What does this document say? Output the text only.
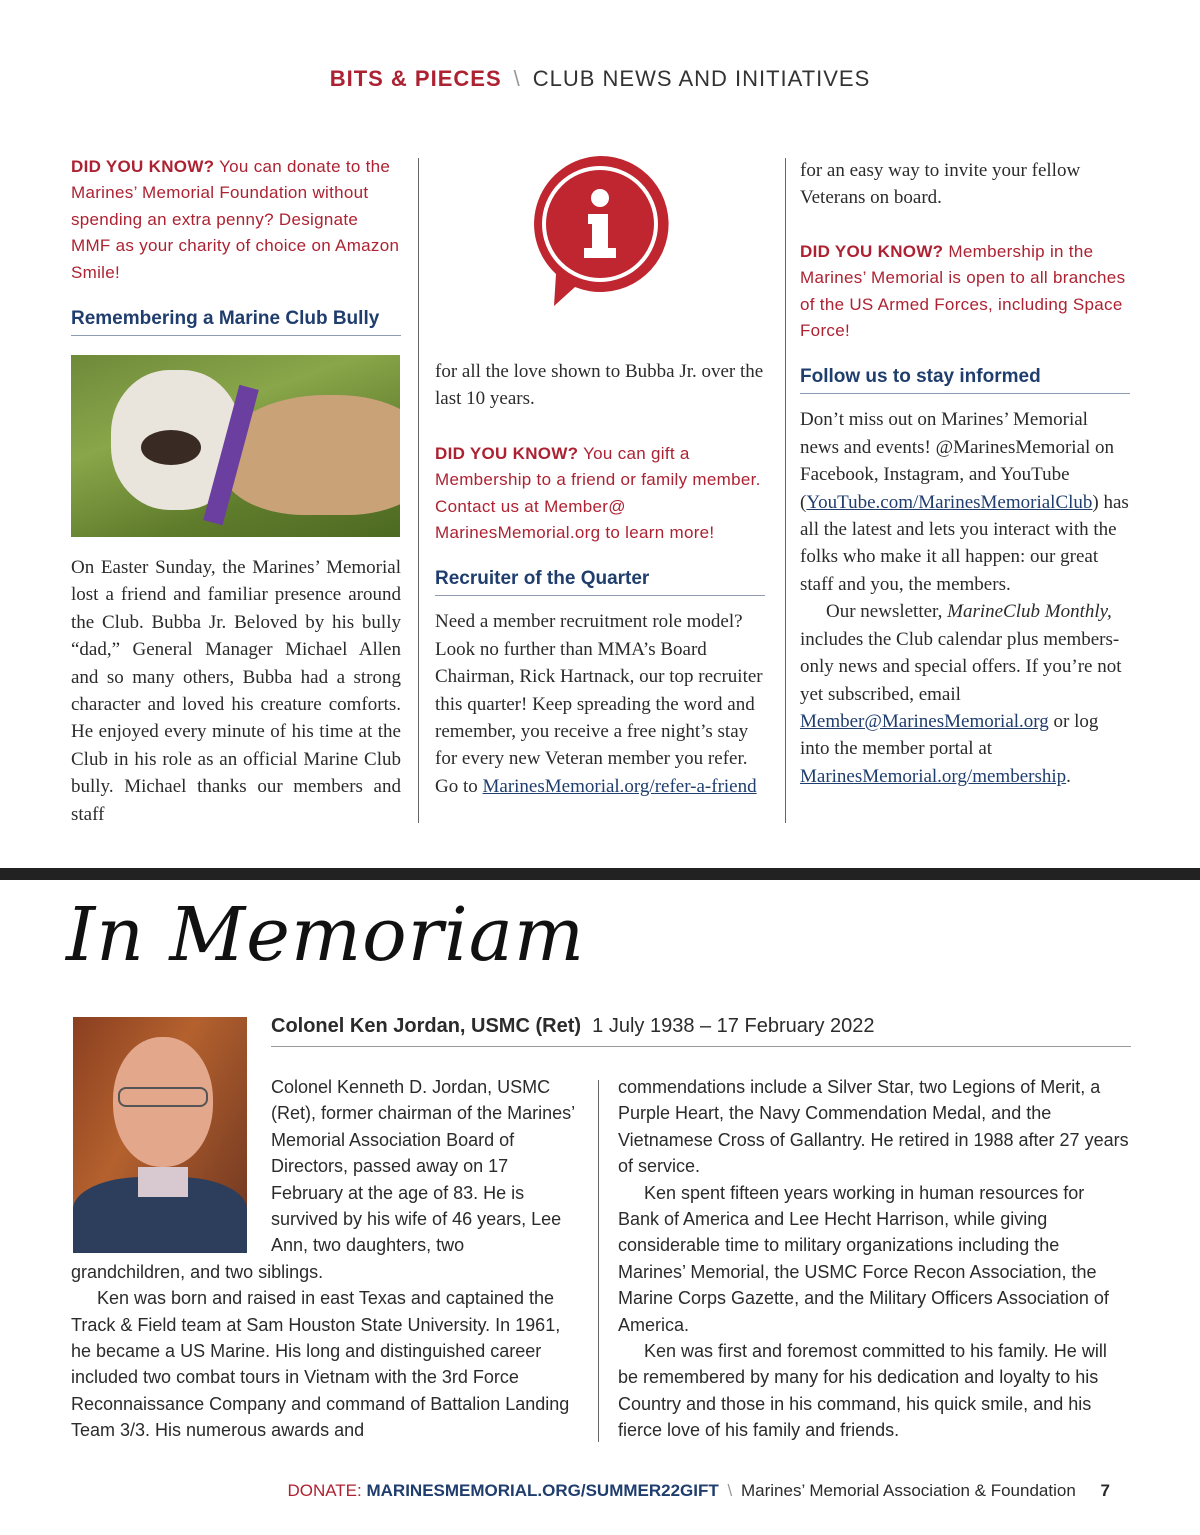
BITS & PIECES \ CLUB NEWS AND INITIATIVES

DID YOU KNOW? You can donate to the Marines’ Memorial Foundation without spending an extra penny? Designate MMF as your charity of choice on Amazon Smile!

Remembering a Marine Club Bully

On Easter Sunday, the Marines’ Memorial lost a friend and familiar presence around the Club. Bubba Jr. Beloved by his bully “dad,” General Manager Michael Allen and so many others, Bubba had a strong character and loved his creature comforts. He enjoyed every minute of his time at the Club in his role as an official Marine Club bully. Michael thanks our members and staff

for all the love shown to Bubba Jr. over the last 10 years.

DID YOU KNOW? You can gift a Membership to a friend or family member. Contact us at Member@ MarinesMemorial.org to learn more!

Recruiter of the Quarter

Need a member recruitment role model? Look no further than MMA’s Board Chairman, Rick Hartnack, our top recruiter this quarter! Keep spreading the word and remember, you receive a free night’s stay for every new Veteran member you refer. Go to MarinesMemorial.org/refer-a-friend

for an easy way to invite your fellow Veterans on board.

DID YOU KNOW? Membership in the Marines’ Memorial is open to all branches of the US Armed Forces, including Space Force!

Follow us to stay informed

Don’t miss out on Marines’ Memorial news and events! @MarinesMemorial on Facebook, Instagram, and YouTube (YouTube.com/MarinesMemorialClub) has all the latest and lets you interact with the folks who make it all happen: our great staff and you, the members.

Our newsletter, MarineClub Monthly, includes the Club calendar plus members-only news and special offers. If you’re not yet subscribed, email Member@MarinesMemorial.org or log into the member portal at MarinesMemorial.org/membership.

In Memoriam
Colonel Ken Jordan, USMC (Ret) 1 July 1938 – 17 February 2022

Colonel Kenneth D. Jordan, USMC (Ret), former chairman of the Marines’ Memorial Association Board of Directors, passed away on 17 February at the age of 83. He is survived by his wife of 46 years, Lee Ann, two daughters, two grandchildren, and two siblings.

Ken was born and raised in east Texas and captained the Track & Field team at Sam Houston State University. In 1961, he became a US Marine. His long and distinguished career included two combat tours in Vietnam with the 3rd Force Reconnaissance Company and command of Battalion Landing Team 3/3. His numerous awards and

commendations include a Silver Star, two Legions of Merit, a Purple Heart, the Navy Commendation Medal, and the Vietnamese Cross of Gallantry. He retired in 1988 after 27 years of service.

Ken spent fifteen years working in human resources for Bank of America and Lee Hecht Harrison, while giving considerable time to military organizations including the Marines’ Memorial, the USMC Force Recon Association, the Marine Corps Gazette, and the Military Officers Association of America.

Ken was first and foremost committed to his family. He will be remembered by many for his dedication and loyalty to his Country and those in his command, his quick smile, and his fierce love of his family and friends.

DONATE: MARINESMEMORIAL.ORG/SUMMER22GIFT \ Marines’ Memorial Association & Foundation 7
